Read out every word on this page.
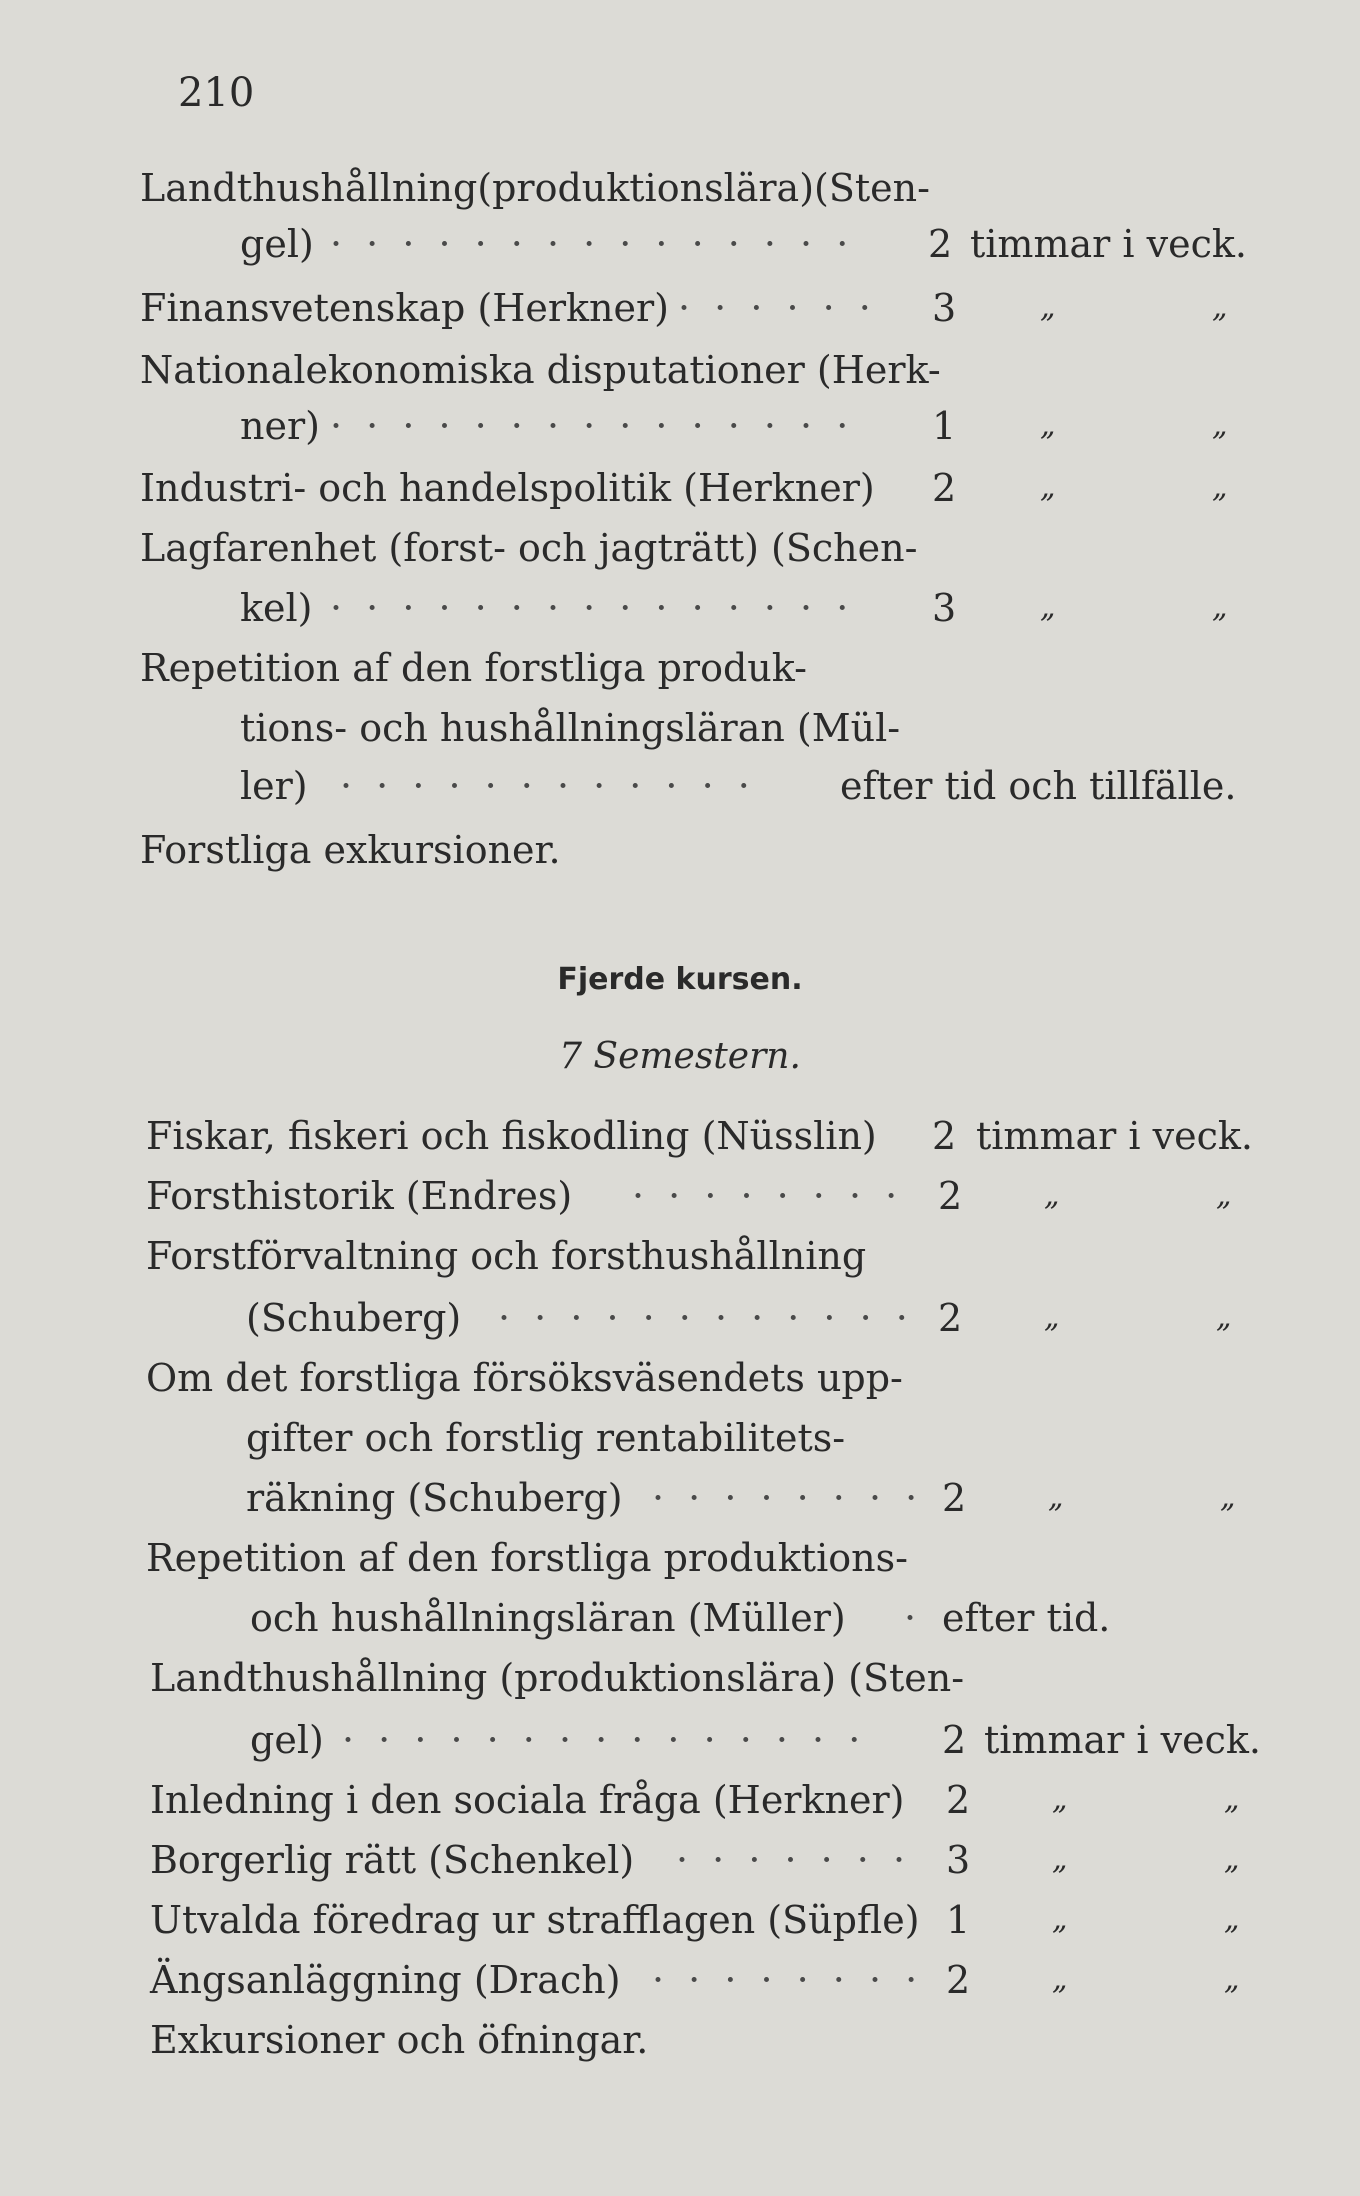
210
Landthushållning(produktionslära)(Sten-
gel) · · · · · · · · · · · · · · · 2 timmar i veck.
Finansvetenskap (Herkner) · · · · · · 3	„	„
Nationalekonomiska disputationer (Herk-
ner) · · · · · · · · · · · · · · · 1	„	„
Industri- och handelspolitik (Herkner) 2	„	„
Lagfarenhet (forst- och jagträtt) (Schen-
kel) · · · · · · · · · · · · · · · 3	„	„
Repetition af den forstliga produk-
tions- och hushållningsläran (Mül-
ler) · · · · · · · · · · · · efter tid och tillfälle.
Forstliga exkursioner.
Fjerde kursen.
7 Semestern.
Fiskar, fiskeri och fiskodling (Nüsslin) 2 timmar i veck.
Forsthistorik (Endres) · · · · · · · · 2	„	„
Forstförvaltning och forsthushållning
(Schuberg) · · · · · · · · · · · · 2	„	„
Om det forstliga försöksväsendets upp-
gifter och forstlig rentabilitets-
räkning (Schuberg) · · · · · · · · 2	„	„
Repetition af den forstliga produktions-
och hushållningsläran (Müller) · efter tid.
Landthushållning (produktionslära) (Sten-
gel) · · · · · · · · · · · · · · · 2 timmar i veck.
Inledning i den sociala fråga (Herkner) 2	„	„
Borgerlig rätt (Schenkel) · · · · · · · 3	„	„
Utvalda föredrag ur strafflagen (Süpfle) 1	„	„
Ängsanläggning (Drach) · · · · · · · · 2	„	„
Exkursioner och öfningar.
